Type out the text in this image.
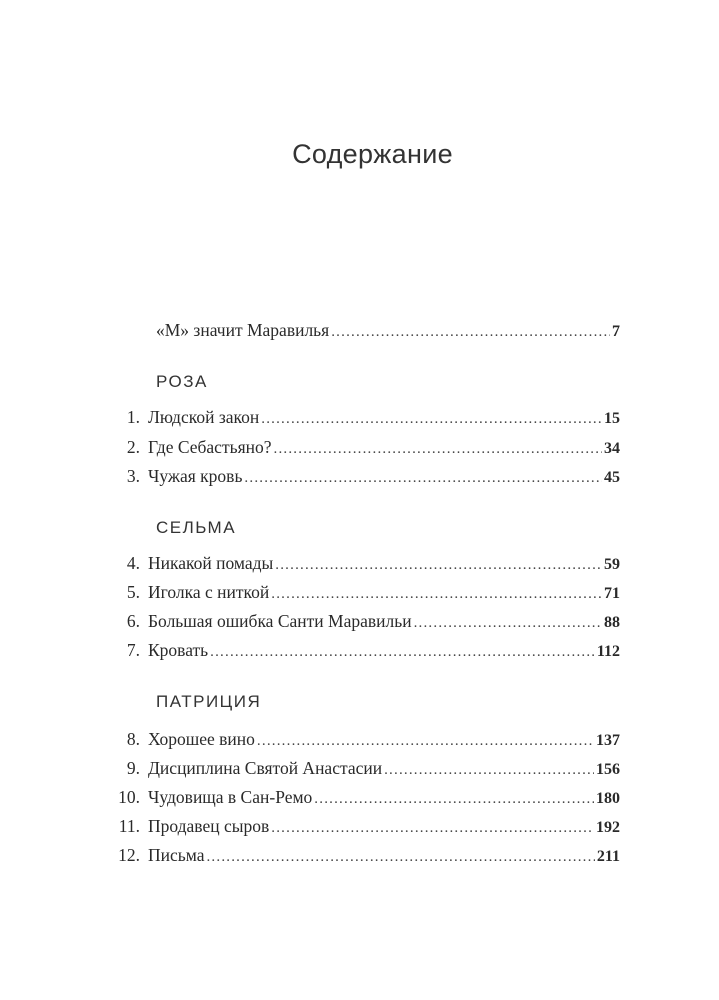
Содержание
«М» значит Маравилья .....	7
РОЗА
1. Людской закон .....	15
2. Где Себастьяно? .....	34
3. Чужая кровь .....	45
СЕЛЬМА
4. Никакой помады .....	59
5. Иголка с ниткой .....	71
6. Большая ошибка Санти Маравильи .....	88
7. Кровать .....	112
ПАТРИЦИЯ
8. Хорошее вино .....	137
9. Дисциплина Святой Анастасии .....	156
10. Чудовища в Сан-Ремо .....	180
11. Продавец сыров .....	192
12. Письма .....	211
